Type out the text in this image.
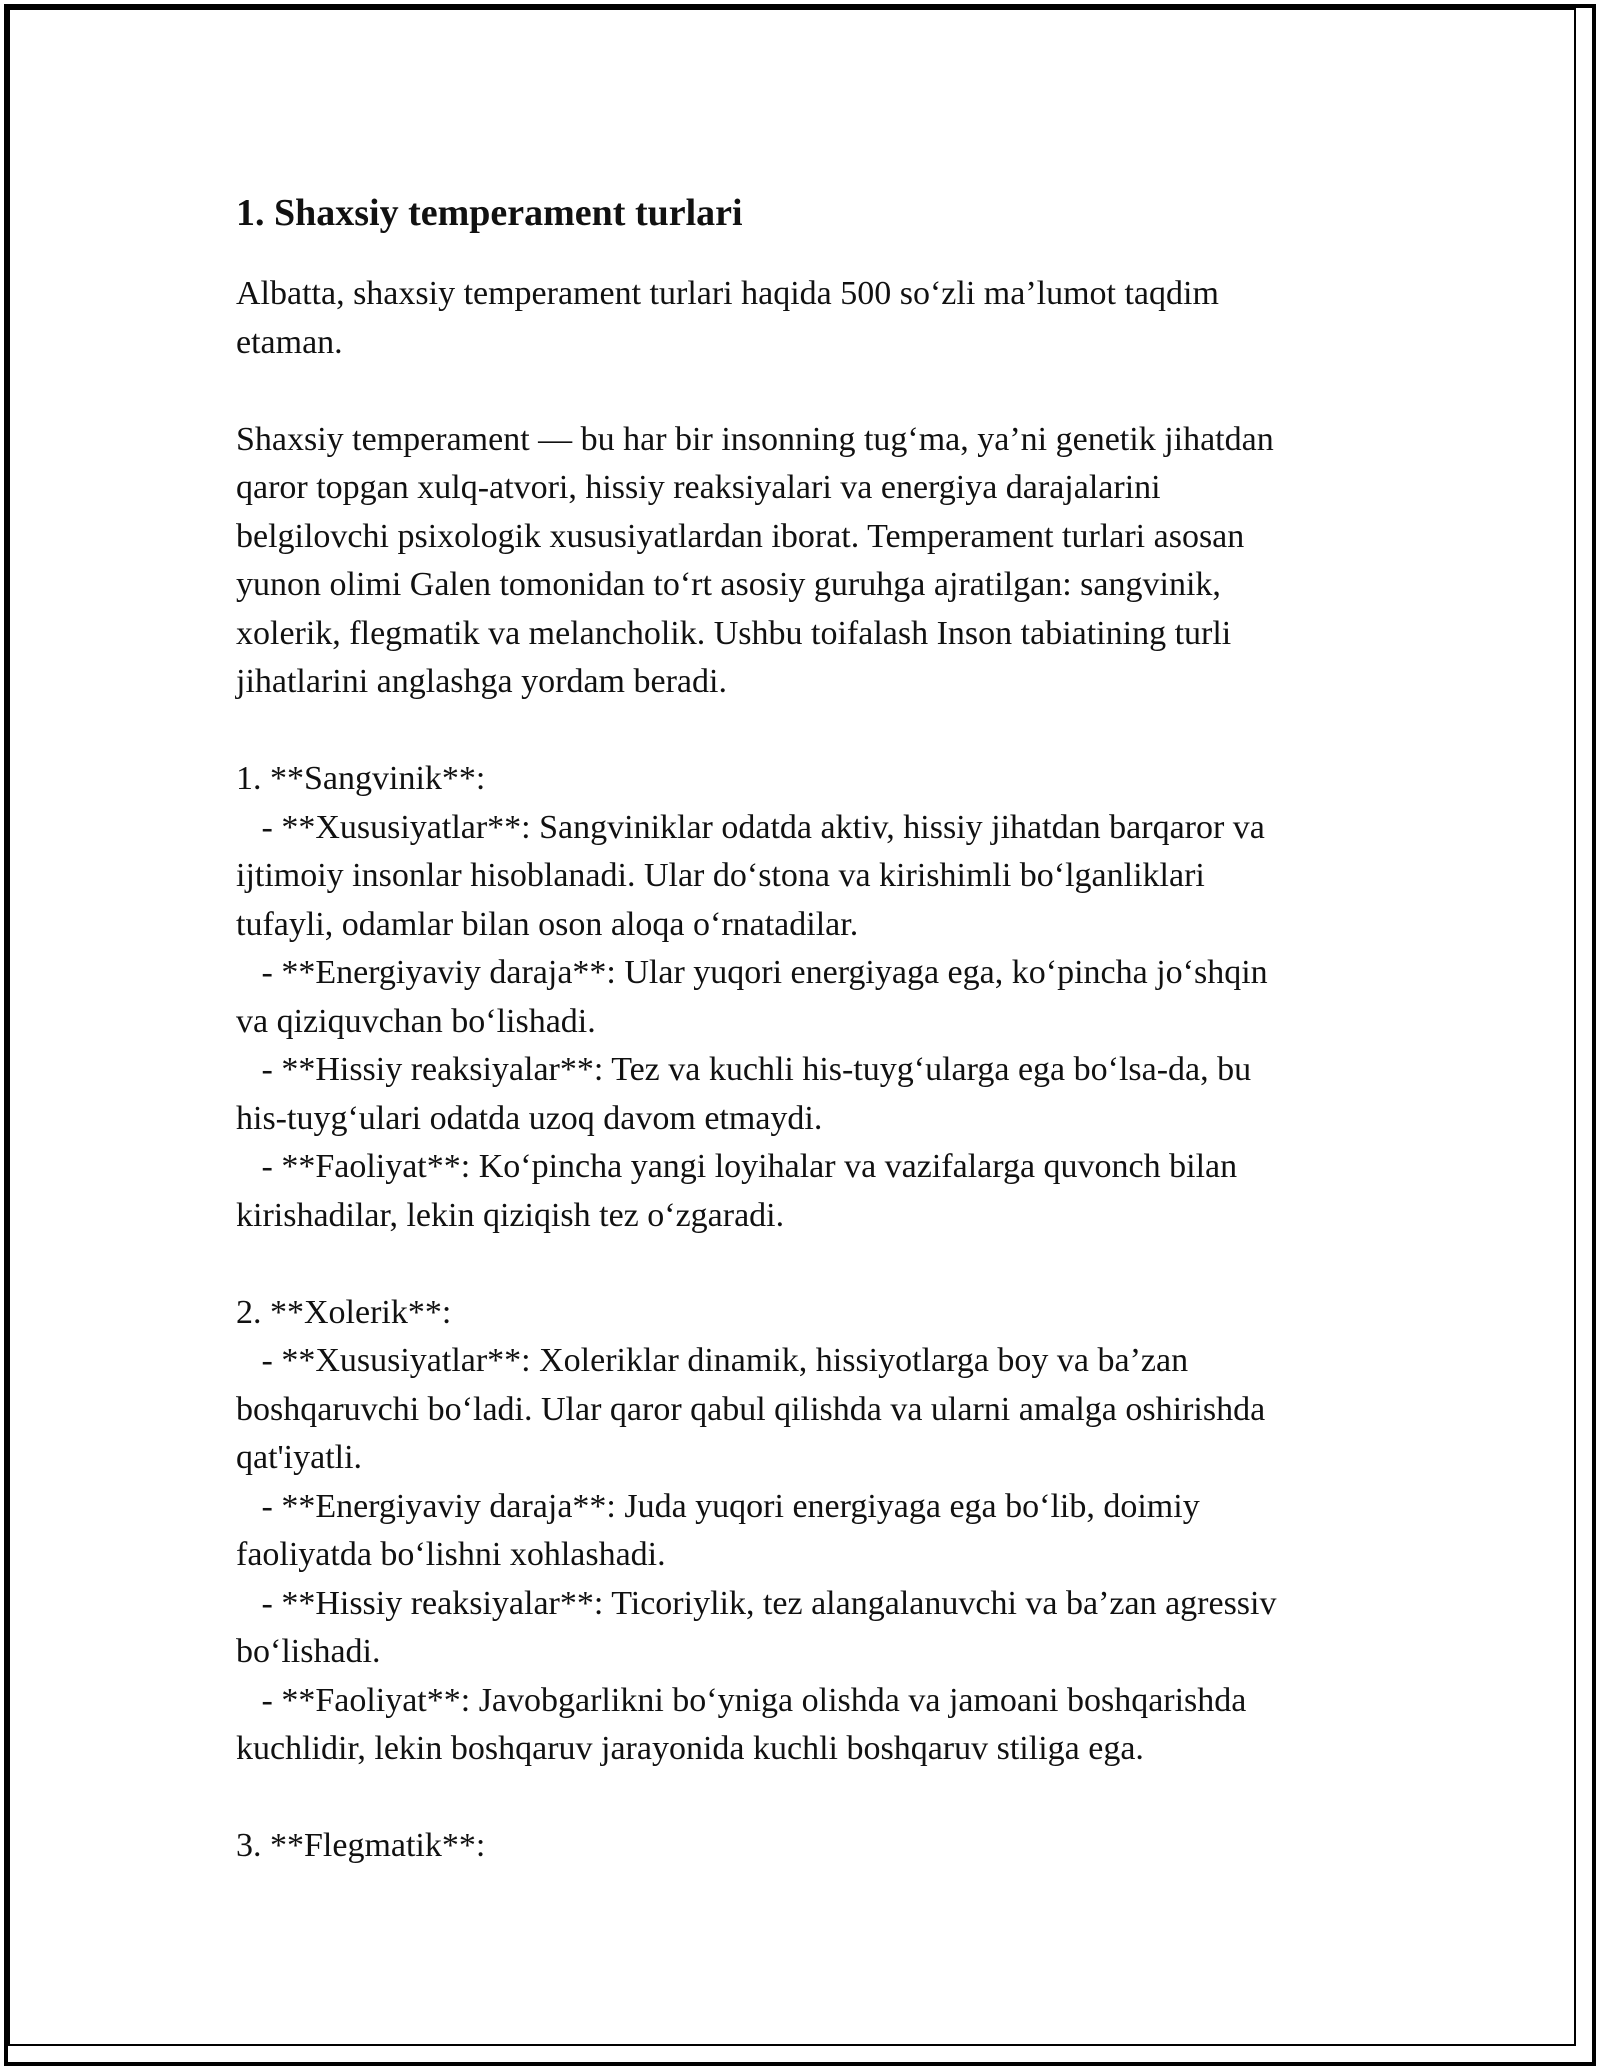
1. Shaxsiy temperament turlari
Albatta, shaxsiy temperament turlari haqida 500 so‘zli ma’lumot taqdim
etaman.
Shaxsiy temperament — bu har bir insonning tug‘ma, ya’ni genetik jihatdan
qaror topgan xulq-atvori, hissiy reaksiyalari va energiya darajalarini
belgilovchi psixologik xususiyatlardan iborat. Temperament turlari asosan
yunon olimi Galen tomonidan to‘rt asosiy guruhga ajratilgan: sangvinik,
xolerik, flegmatik va melancholik. Ushbu toifalash Inson tabiatining turli
jihatlarini anglashga yordam beradi.
1. **Sangvinik**:
- **Xususiyatlar**: Sangviniklar odatda aktiv, hissiy jihatdan barqaror va
ijtimoiy insonlar hisoblanadi. Ular do‘stona va kirishimli bo‘lganliklari
tufayli, odamlar bilan oson aloqa o‘rnatadilar.
- **Energiyaviy daraja**: Ular yuqori energiyaga ega, ko‘pincha jo‘shqin
va qiziquvchan bo‘lishadi.
- **Hissiy reaksiyalar**: Tez va kuchli his-tuyg‘ularga ega bo‘lsa-da, bu
his-tuyg‘ulari odatda uzoq davom etmaydi.
- **Faoliyat**: Ko‘pincha yangi loyihalar va vazifalarga quvonch bilan
kirishadilar, lekin qiziqish tez o‘zgaradi.
2. **Xolerik**:
- **Xususiyatlar**: Xoleriklar dinamik, hissiyotlarga boy va ba’zan
boshqaruvchi bo‘ladi. Ular qaror qabul qilishda va ularni amalga oshirishda
qat'iyatli.
- **Energiyaviy daraja**: Juda yuqori energiyaga ega bo‘lib, doimiy
faoliyatda bo‘lishni xohlashadi.
- **Hissiy reaksiyalar**: Ticoriylik, tez alangalanuvchi va ba’zan agressiv
bo‘lishadi.
- **Faoliyat**: Javobgarlikni bo‘yniga olishda va jamoani boshqarishda
kuchlidir, lekin boshqaruv jarayonida kuchli boshqaruv stiliga ega.
3. **Flegmatik**:
